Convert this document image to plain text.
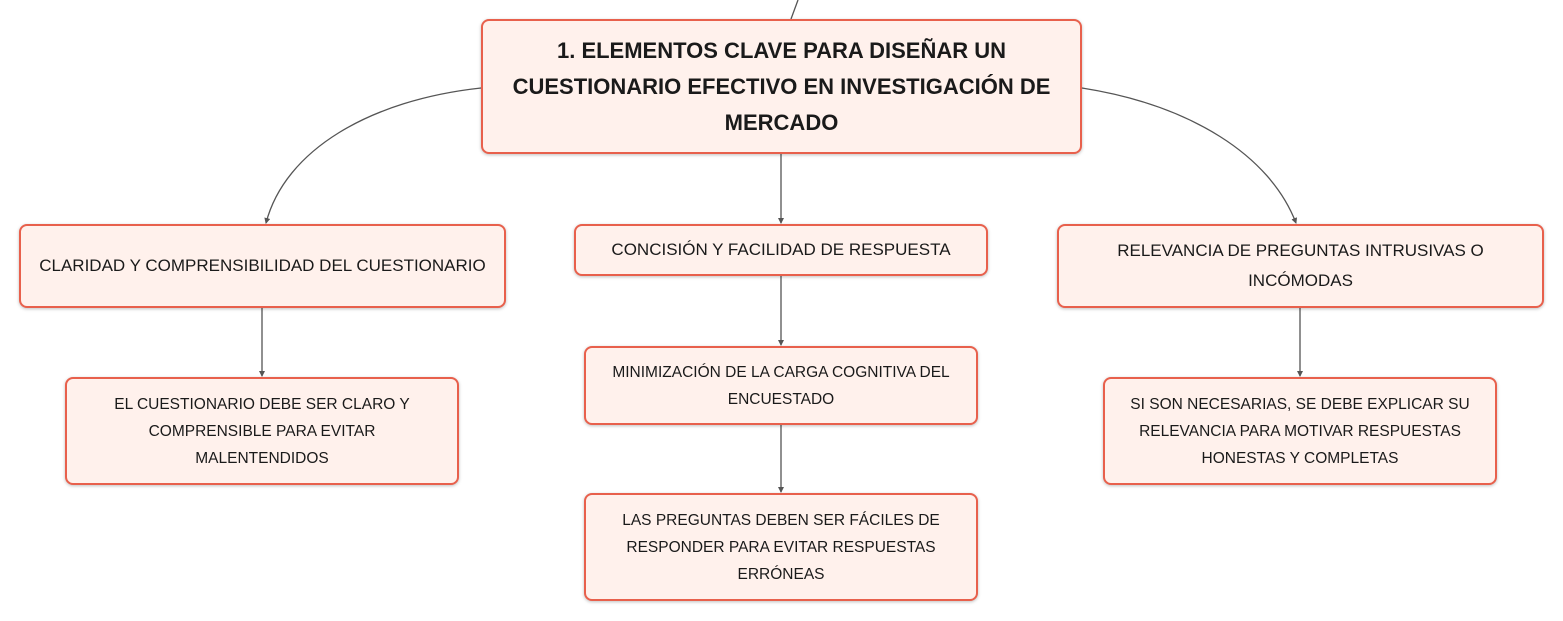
1. ELEMENTOS CLAVE PARA DISEÑAR UN CUESTIONARIO EFECTIVO EN INVESTIGACIÓN DE MERCADO
CLARIDAD Y COMPRENSIBILIDAD DEL CUESTIONARIO
CONCISIÓN Y FACILIDAD DE RESPUESTA	RELEVANCIA DE PREGUNTAS INTRUSIVAS O INCÓMODAS
EL CUESTIONARIO DEBE SER CLARO Y COMPRENSIBLE PARA EVITAR MALENTENDIDOS
MINIMIZACIÓN DE LA CARGA COGNITIVA DEL ENCUESTADO
LAS PREGUNTAS DEBEN SER FÁCILES DE RESPONDER PARA EVITAR RESPUESTAS ERRÓNEAS
SI SON NECESARIAS, SE DEBE EXPLICAR SU RELEVANCIA PARA MOTIVAR RESPUESTAS HONESTAS Y COMPLETAS
